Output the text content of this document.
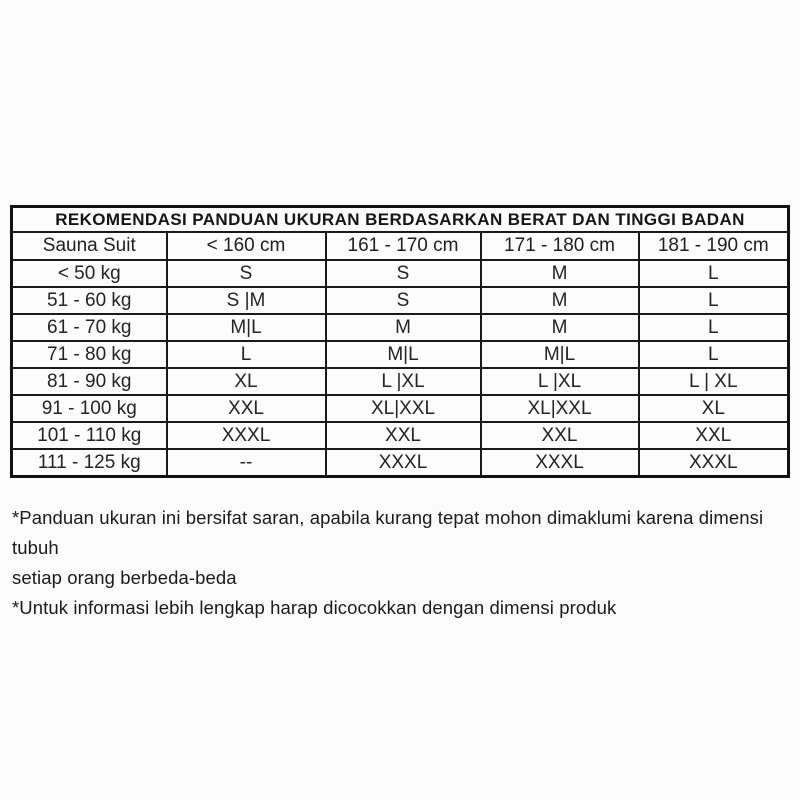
REKOMENDASI PANDUAN UKURAN BERDASARKAN BERAT DAN TINGGI BADAN				
Sauna Suit	< 160 cm	161 - 170 cm	171 - 180 cm	181 - 190 cm
< 50 kg	S	S	M	L
51 - 60 kg	S |M	S	M	L
61 - 70 kg	M|L	M	M	L
71 - 80 kg	L	M|L	M|L	L
81 - 90 kg	XL	L |XL	L |XL	L | XL
91 - 100 kg	XXL	XL|XXL	XL|XXL	XL
101 - 110 kg	XXXL	XXL	XXL	XXL
111 - 125 kg	--	XXXL	XXXL	XXXL
*Panduan ukuran ini bersifat saran, apabila kurang tepat mohon dimaklumi karena dimensi tubuh
setiap orang berbeda-beda
*Untuk informasi lebih lengkap harap dicocokkan dengan dimensi produk
